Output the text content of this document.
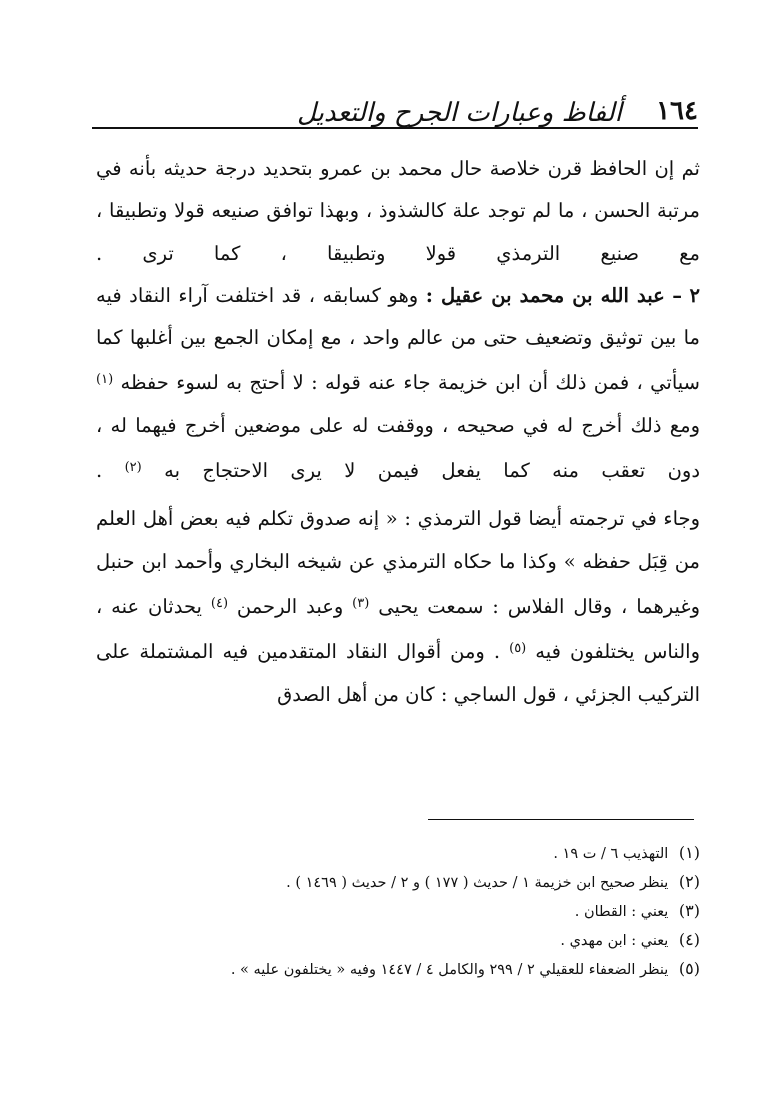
١٦٤
ألفاظ وعبارات الجرح والتعديل

ثم إن الحافظ قرن خلاصة حال محمد بن عمرو بتحديد درجة حديثه بأنه في مرتبة الحسن ، ما لم توجد علة كالشذوذ ، وبهذا توافق صنيعه قولا وتطبيقا ، مع صنيع الترمذي قولا وتطبيقا ، كما ترى .

٢ – عبد الله بن محمد بن عقيل : وهو كسابقه ، قد اختلفت آراء النقاد فيه ما بين توثيق وتضعيف حتى من عالم واحد ، مع إمكان الجمع بين أغلبها كما سيأتي ، فمن ذلك أن ابن خزيمة جاء عنه قوله : لا أحتج به لسوء حفظه $^{(١)}$ ومع ذلك أخرج له في صحيحه ، ووقفت له على موضعين أخرج فيهما له ، دون تعقب منه كما يفعل فيمن لا يرى الاحتجاج به $^{(٢)}$ .

وجاء في ترجمته أيضا قول الترمذي : « إنه صدوق تكلم فيه بعض أهل العلم من قِبَل حفظه » وكذا ما حكاه الترمذي عن شيخه البخاري وأحمد ابن حنبل وغيرهما ، وقال الفلاس : سمعت يحيى $^{(٣)}$ وعبد الرحمن $^{(٤)}$ يحدثان عنه ، والناس يختلفون فيه $^{(٥)}$ . ومن أقوال النقاد المتقدمين فيه المشتملة على التركيب الجزئي ، قول الساجي : كان من أهل الصدق

(١) التهذيب ٦ / ت ١٩ .
(٢) ينظر صحيح ابن خزيمة ١ / حديث ( ١٧٧ ) و ٢ / حديث ( ١٤٦٩ ) .
(٣) يعني : القطان .
(٤) يعني : ابن مهدي .
(٥) ينظر الضعفاء للعقيلي ٢ / ٢٩٩ والكامل ٤ / ١٤٤٧ وفيه « يختلفون عليه » .
